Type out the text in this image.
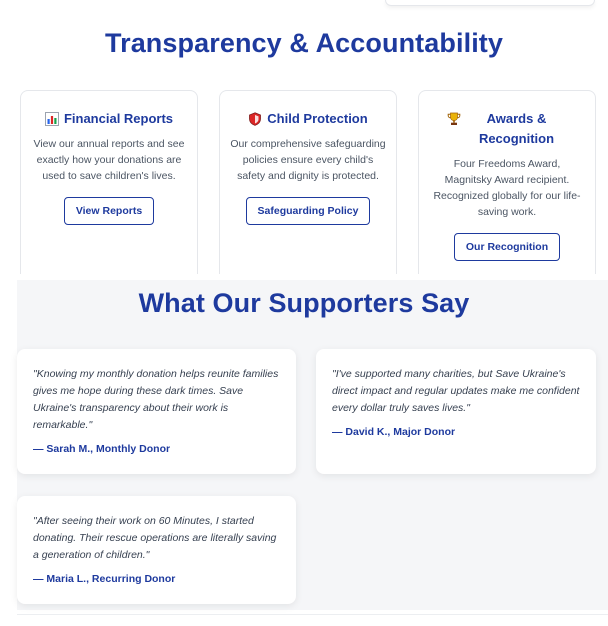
Transparency & Accountability
Financial Reports

View our annual reports and see exactly how your donations are used to save children's lives.

View Reports
Child Protection

Our comprehensive safeguarding policies ensure every child's safety and dignity is protected.

Safeguarding Policy
Awards & Recognition

Four Freedoms Award, Magnitsky Award recipient. Recognized globally for our life-saving work.

Our Recognition
What Our Supporters Say

"Knowing my monthly donation helps reunite families gives me hope during these dark times. Save Ukraine's transparency about their work is remarkable."

— Sarah M., Monthly Donor

"I've supported many charities, but Save Ukraine's direct impact and regular updates make me confident every dollar truly saves lives."

— David K., Major Donor

"After seeing their work on 60 Minutes, I started donating. Their rescue operations are literally saving a generation of children."

— Maria L., Recurring Donor
